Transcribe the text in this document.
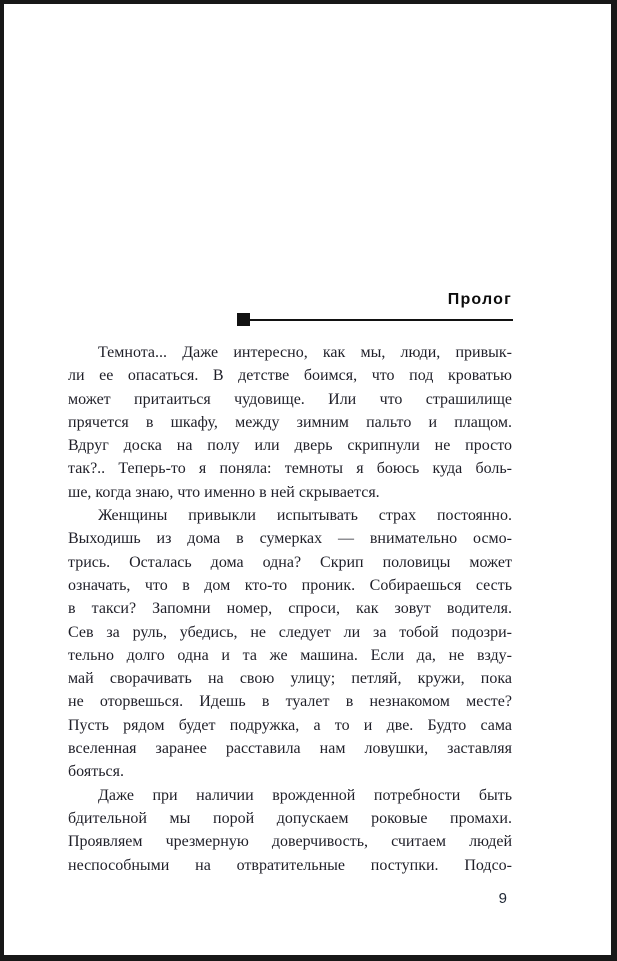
Пролог
Темнота... Даже интересно, как мы, люди, привык-
ли ее опасаться. В детстве боимся, что под кроватью
может притаиться чудовище. Или что страшилище
прячется в шкафу, между зимним пальто и плащом.
Вдруг доска на полу или дверь скрипнули не просто
так?.. Теперь-то я поняла: темноты я боюсь куда боль-
ше, когда знаю, что именно в ней скрывается.
Женщины привыкли испытывать страх постоянно.
Выходишь из дома в сумерках — внимательно осмо-
трись. Осталась дома одна? Скрип половицы может
означать, что в дом кто-то проник. Собираешься сесть
в такси? Запомни номер, спроси, как зовут водителя.
Сев за руль, убедись, не следует ли за тобой подозри-
тельно долго одна и та же машина. Если да, не взду-
май сворачивать на свою улицу; петляй, кружи, пока
не оторвешься. Идешь в туалет в незнакомом месте?
Пусть рядом будет подружка, а то и две. Будто сама
вселенная заранее расставила нам ловушки, заставляя
бояться.
Даже при наличии врожденной потребности быть
бдительной мы порой допускаем роковые промахи.
Проявляем чрезмерную доверчивость, считаем людей
неспособными на отвратительные поступки. Подсо-
9
